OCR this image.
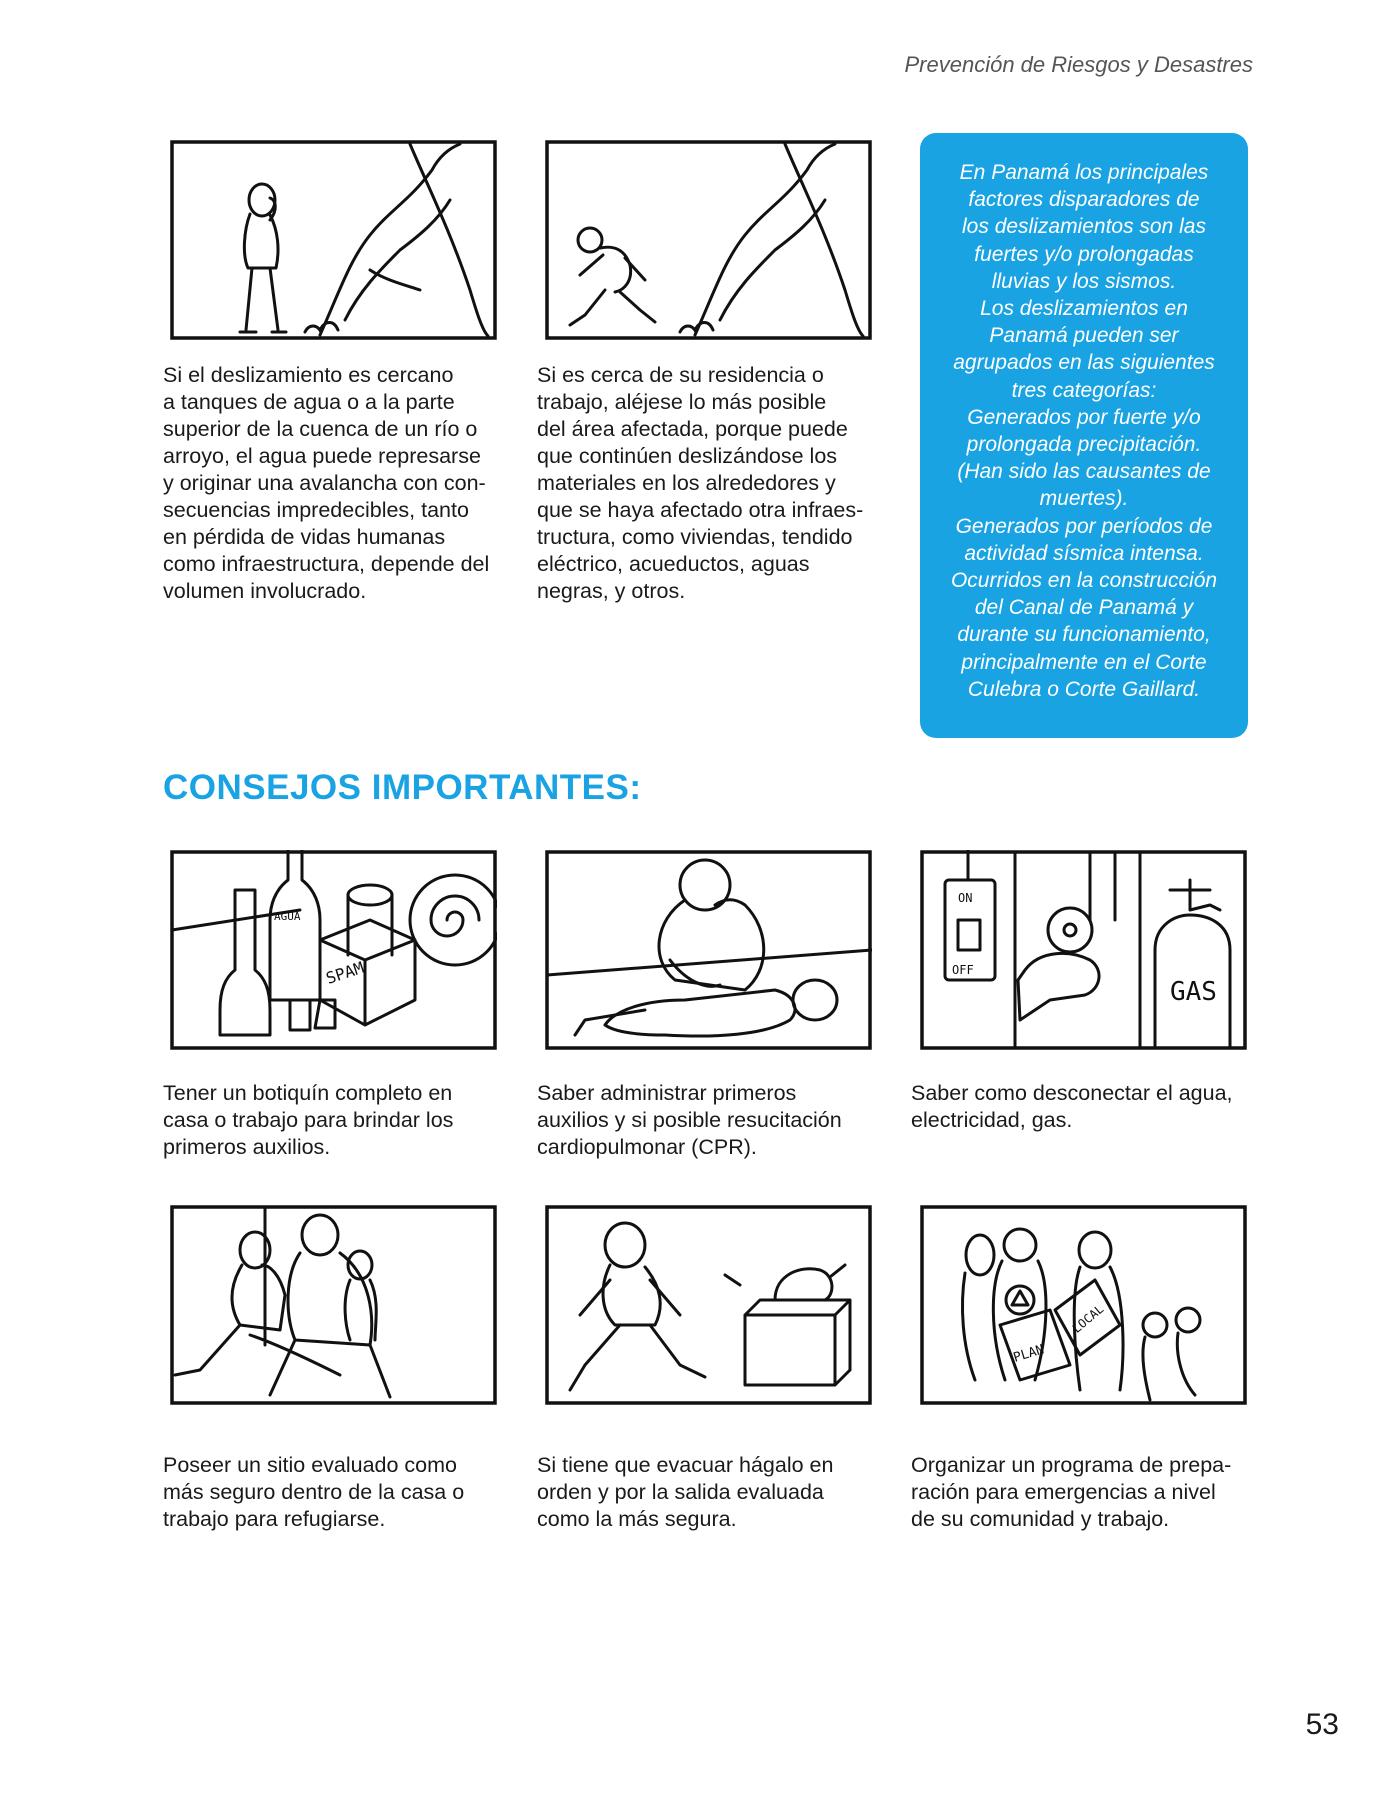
Prevención de Riesgos y Desastres

En Panamá los principales

factores disparadores de

los deslizamientos son las

fuertes y/o prolongadas

lluvias y los sismos.

Los deslizamientos en

Panamá pueden ser

agrupados en las siguientes

tres categorías:

Generados por fuerte y/o

prolongada precipitación.

(Han sido las causantes de

muertes).

Generados por períodos de

actividad sísmica intensa.

Ocurridos en la construcción

del Canal de Panamá y

durante su funcionamiento,

principalmente en el Corte

Culebra o Corte Gaillard.

Si el deslizamiento es cercano
a tanques de agua o a la parte
superior de la cuenca de un río o
arroyo, el agua puede represarse
y originar una avalancha con con-
secuencias impredecibles, tanto
en pérdida de vidas humanas
como infraestructura, depende del
volumen involucrado.
Si es cerca de su residencia o
trabajo, aléjese lo más posible
del área afectada, porque puede
que continúen deslizándose los
materiales en los alrededores y
que se haya afectado otra infraes-
tructura, como viviendas, tendido
eléctrico, acueductos, aguas
negras, y otros.
CONSEJOS IMPORTANTES:
AGUA
SPAM
ON
OFF
GAS
Tener un botiquín completo en
casa o trabajo para brindar los
primeros auxilios.
Saber administrar primeros
auxilios y si posible resucitación
cardiopulmonar (CPR).
Saber como desconectar el agua,
electricidad, gas.
PLAN
LOCAL
Poseer un sitio evaluado como
más seguro dentro de la casa o
trabajo para refugiarse.
Si tiene que evacuar hágalo en
orden y por la salida evaluada
como la más segura.
Organizar un programa de prepa-
ración para emergencias a nivel
de su comunidad y trabajo.
53
